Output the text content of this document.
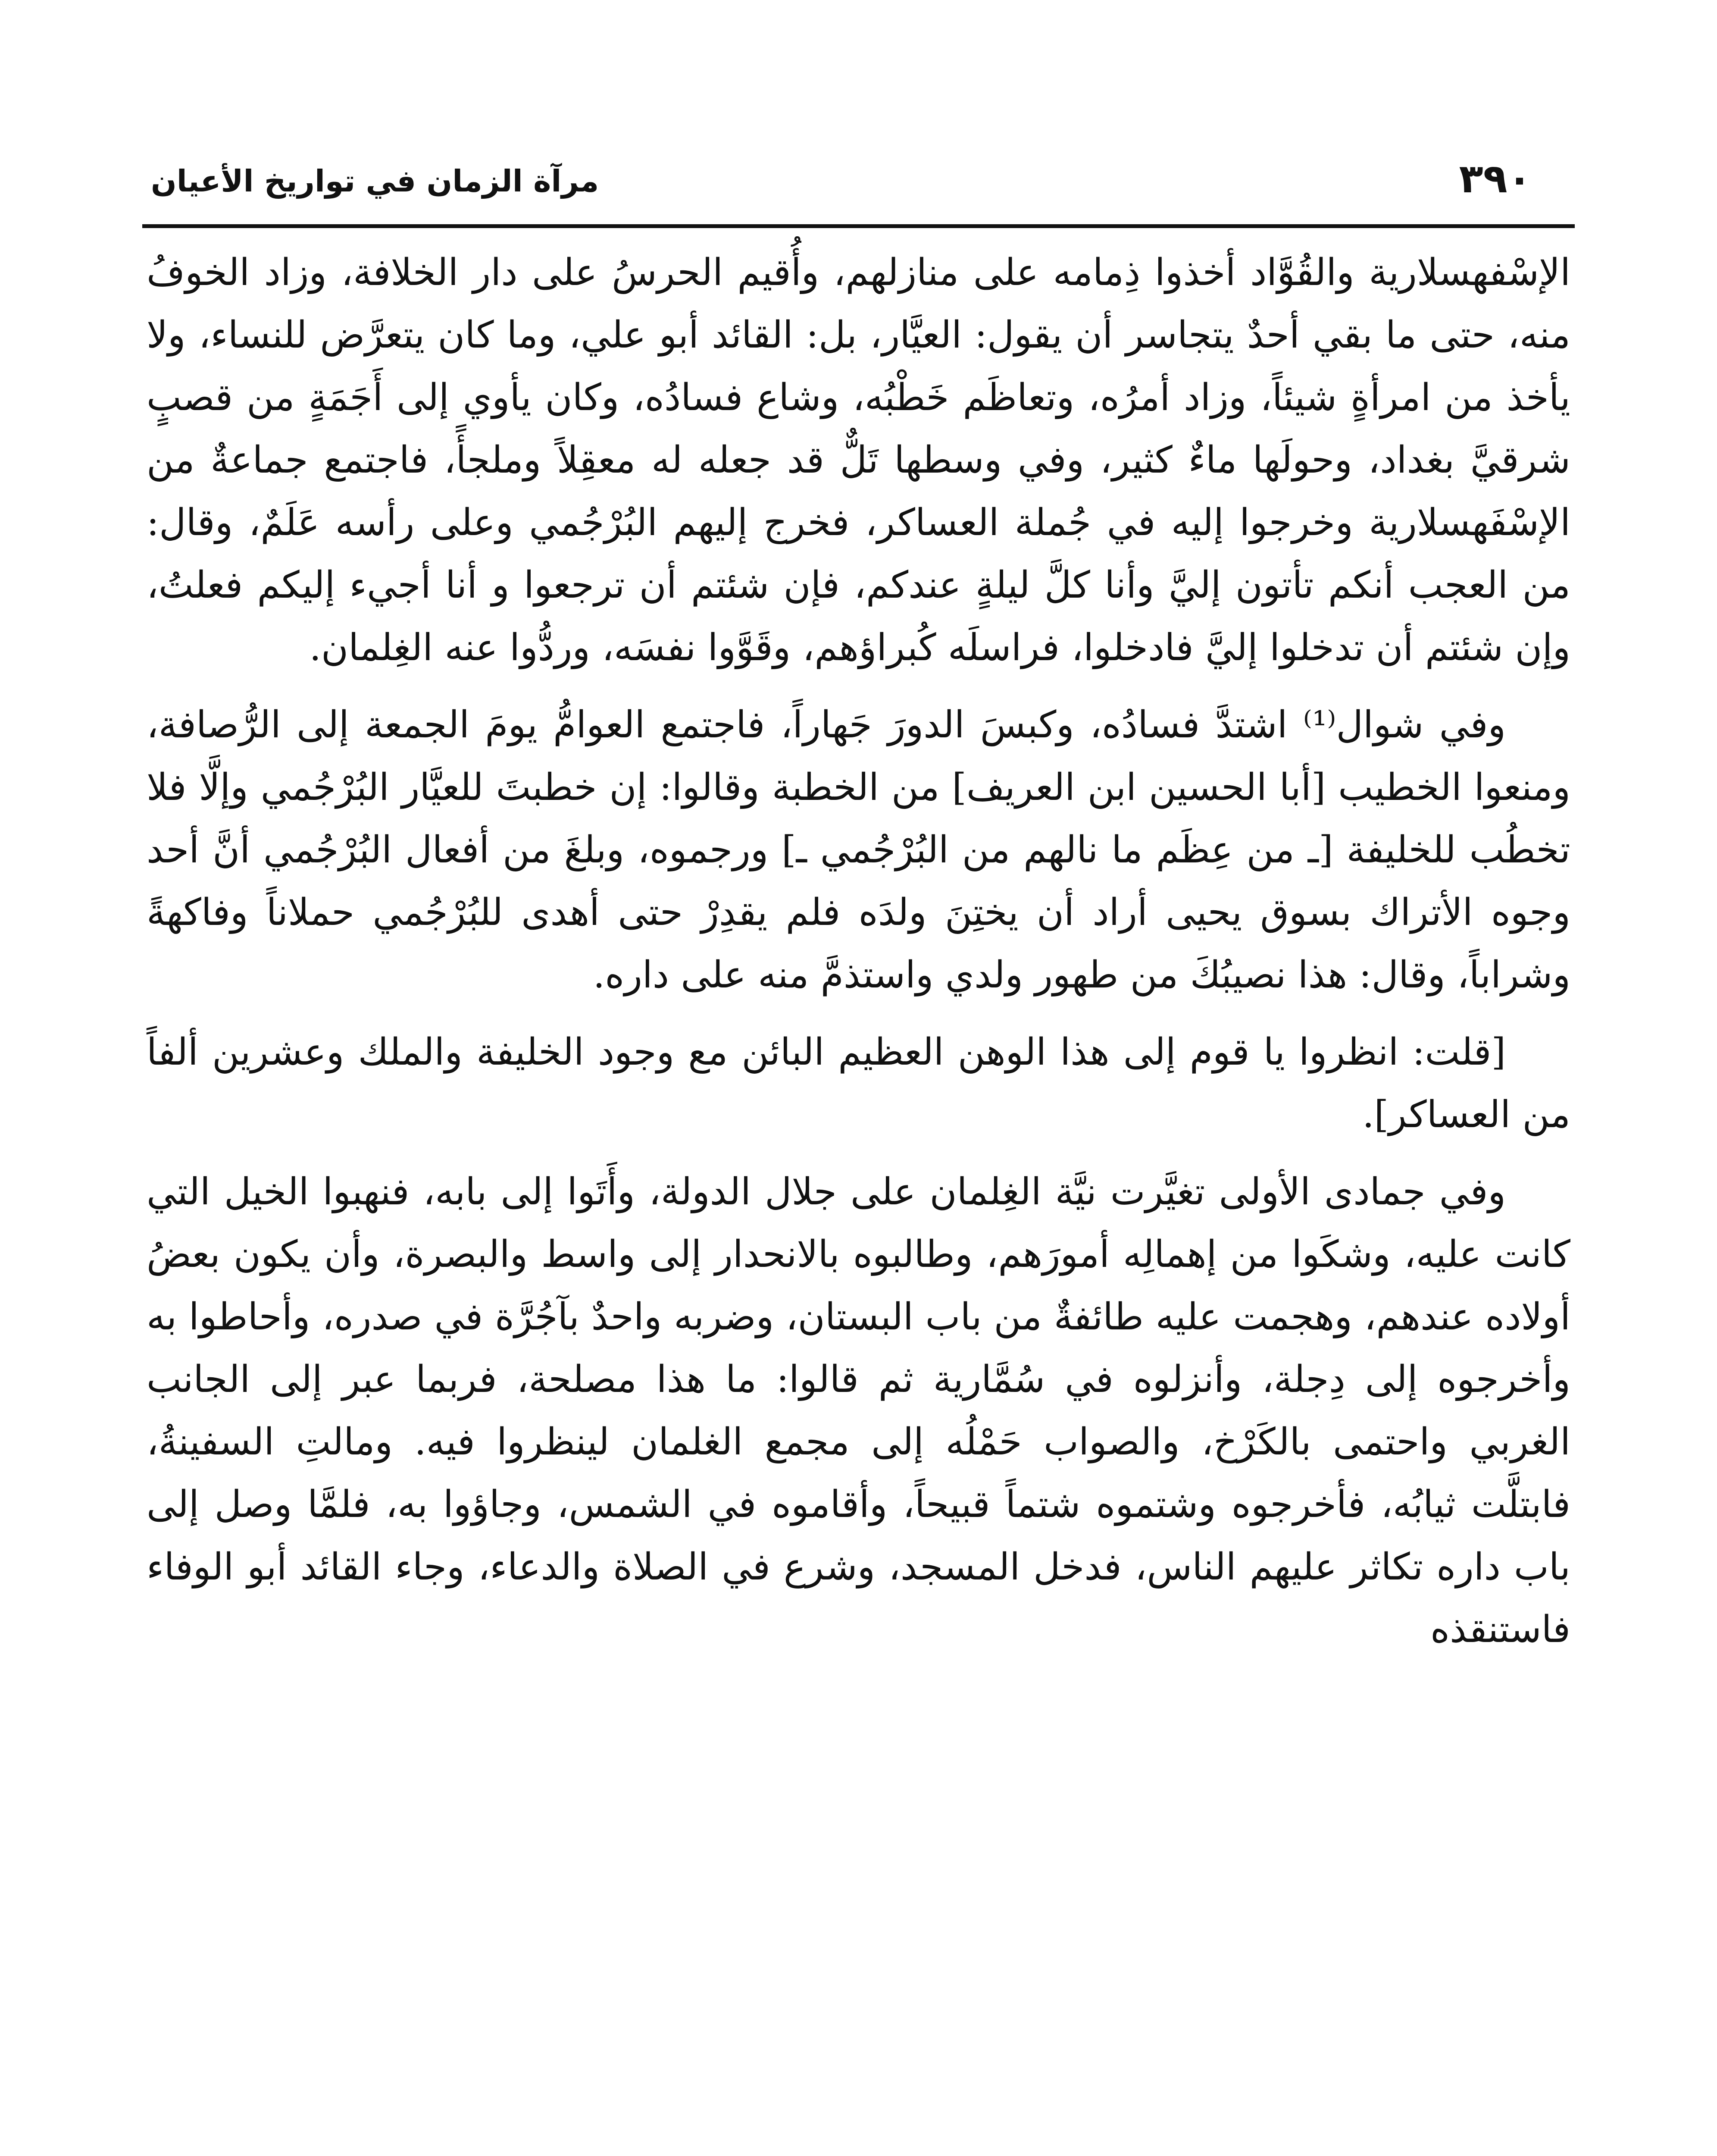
٣٩٠
مرآة الزمان في تواريخ الأعيان

الإسْفهسلارية والقُوَّاد أخذوا ذِمامه على منازلهم، وأُقيم الحرسُ على دار الخلافة، وزاد الخوفُ منه، حتى ما بقي أحدٌ يتجاسر أن يقول: العيَّار، بل: القائد أبو علي، وما كان يتعرَّض للنساء، ولا يأخذ من امرأةٍ شيئاً، وزاد أمرُه، وتعاظَم خَطْبُه، وشاع فسادُه، وكان يأوي إلى أَجَمَةٍ من قصبٍ شرقيَّ بغداد، وحولَها ماءٌ كثير، وفي وسطها تَلٌّ قد جعله له معقِلاً وملجأً، فاجتمع جماعةٌ من الإسْفَهسلارية وخرجوا إليه في جُملة العساكر، فخرج إليهم البُرْجُمي وعلى رأسه عَلَمٌ، وقال: من العجب أنكم تأتون إليَّ وأنا كلَّ ليلةٍ عندكم، فإن شئتم أن ترجعوا و أنا أجيء إليكم فعلتُ، وإن شئتم أن تدخلوا إليَّ فادخلوا، فراسلَه كُبراؤهم، وقَوَّوا نفسَه، وردُّوا عنه الغِلمان.

وفي شوال⁽¹⁾ اشتدَّ فسادُه، وكبسَ الدورَ جَهاراً، فاجتمع العوامُّ يومَ الجمعة إلى الرُّصافة، ومنعوا الخطيب [أبا الحسين ابن العريف] من الخطبة وقالوا: إن خطبتَ للعيَّار البُرْجُمي وإلَّا فلا تخطُب للخليفة [ـ من عِظَم ما نالهم من البُرْجُمي ـ] ورجموه، وبلغَ من أفعال البُرْجُمي أنَّ أحد وجوه الأتراك بسوق يحيى أراد أن يختِنَ ولدَه فلم يقدِرْ حتى أهدى للبُرْجُمي حملاناً وفاكهةً وشراباً، وقال: هذا نصيبُكَ من طهور ولدي واستذمَّ منه على داره.

[قلت: انظروا يا قوم إلى هذا الوهن العظيم البائن مع وجود الخليفة والملك وعشرين ألفاً من العساكر].

وفي جمادى الأولى تغيَّرت نيَّة الغِلمان على جلال الدولة، وأَتَوا إلى بابه، فنهبوا الخيل التي كانت عليه، وشكَوا من إهمالِه أمورَهم، وطالبوه بالانحدار إلى واسط والبصرة، وأن يكون بعضُ أولاده عندهم، وهجمت عليه طائفةٌ من باب البستان، وضربه واحدٌ بآجُرَّة في صدره، وأحاطوا به وأخرجوه إلى دِجلة، وأنزلوه في سُمَّارية ثم قالوا: ما هذا مصلحة، فربما عبر إلى الجانب الغربي واحتمى بالكَرْخ، والصواب حَمْلُه إلى مجمع الغلمان لينظروا فيه. ومالتِ السفينةُ، فابتلَّت ثيابُه، فأخرجوه وشتموه شتماً قبيحاً، وأقاموه في الشمس، وجاؤوا به، فلمَّا وصل إلى باب داره تكاثر عليهم الناس، فدخل المسجد، وشرع في الصلاة والدعاء، وجاء القائد أبو الوفاء فاستنقذه
